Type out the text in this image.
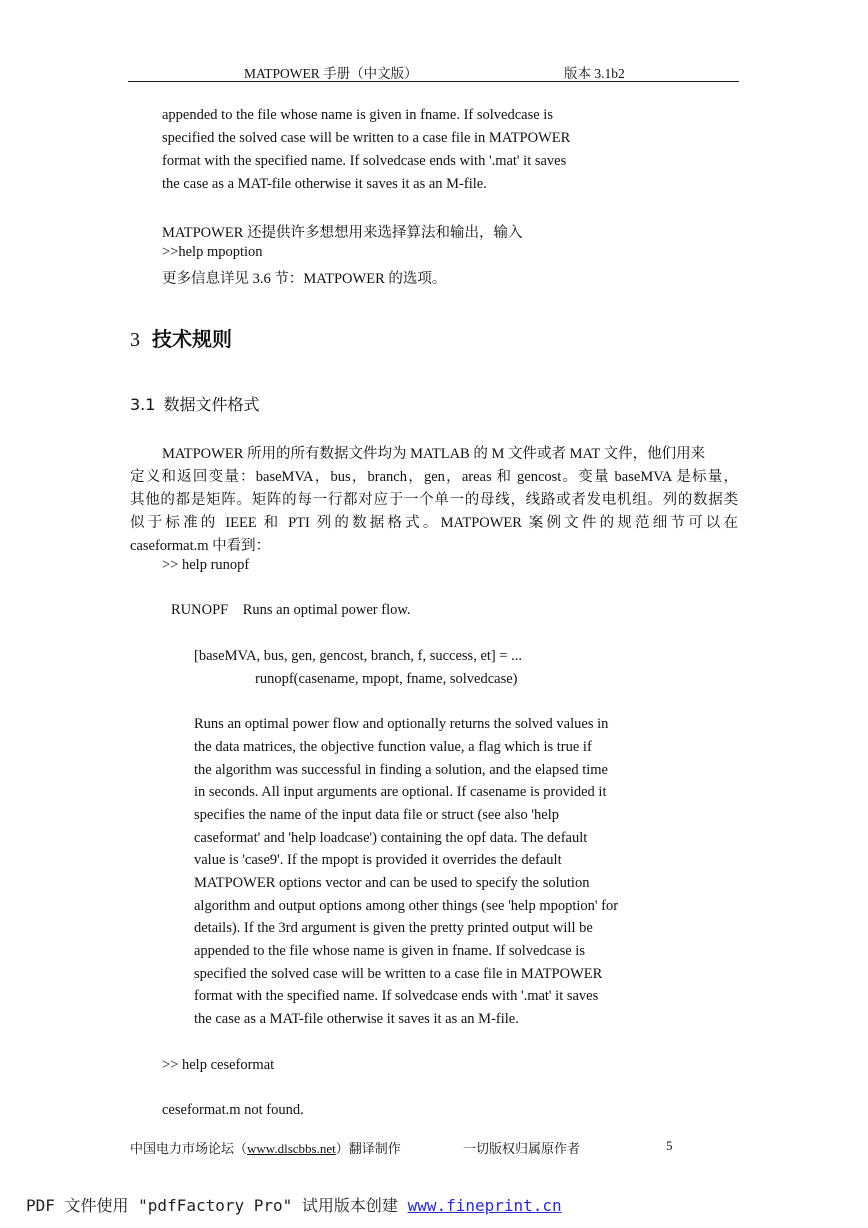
MATPOWER 手册（中文版）	版本 3.1b2
appended to the file whose name is given in fname. If solvedcase is
specified the solved case will be written to a case file in MATPOWER
format with the specified name. If solvedcase ends with '.mat' it saves
the case as a MAT-file otherwise it saves it as an M-file.
MATPOWER 还提供许多想想用来选择算法和输出，输入
>>help mpoption
更多信息详见 3.6 节：MATPOWER 的选项。
3 技术规则
3.1 数据文件格式
MATPOWER 所用的所有数据文件均为 MATLAB 的 M 文件或者 MAT 文件，他们用来
定义和返回变量：baseMVA，bus，branch，gen，areas 和 gencost。变量 baseMVA 是标量，
其他的都是矩阵。矩阵的每一行都对应于一个单一的母线，线路或者发电机组。列的数据类
似于标准的 IEEE 和 PTI 列的数据格式。MATPOWER 案例文件的规范细节可以在
caseformat.m 中看到：
>> help runopf
RUNOPF    Runs an optimal power flow.
[baseMVA, bus, gen, gencost, branch, f, success, et] = ...
runopf(casename, mpopt, fname, solvedcase)
Runs an optimal power flow and optionally returns the solved values in
the data matrices, the objective function value, a flag which is true if
the algorithm was successful in finding a solution, and the elapsed time
in seconds. All input arguments are optional. If casename is provided it
specifies the name of the input data file or struct (see also 'help
caseformat' and 'help loadcase') containing the opf data. The default
value is 'case9'. If the mpopt is provided it overrides the default
MATPOWER options vector and can be used to specify the solution
algorithm and output options among other things (see 'help mpoption' for
details). If the 3rd argument is given the pretty printed output will be
appended to the file whose name is given in fname. If solvedcase is
specified the solved case will be written to a case file in MATPOWER
format with the specified name. If solvedcase ends with '.mat' it saves
the case as a MAT-file otherwise it saves it as an M-file.
>> help ceseformat
ceseformat.m not found.
中国电力市场论坛（www.dlscbbs.net）翻译制作	一切版权归属原作者	5
PDF 文件使用 "pdfFactory Pro" 试用版本创建 www.fineprint.cn
